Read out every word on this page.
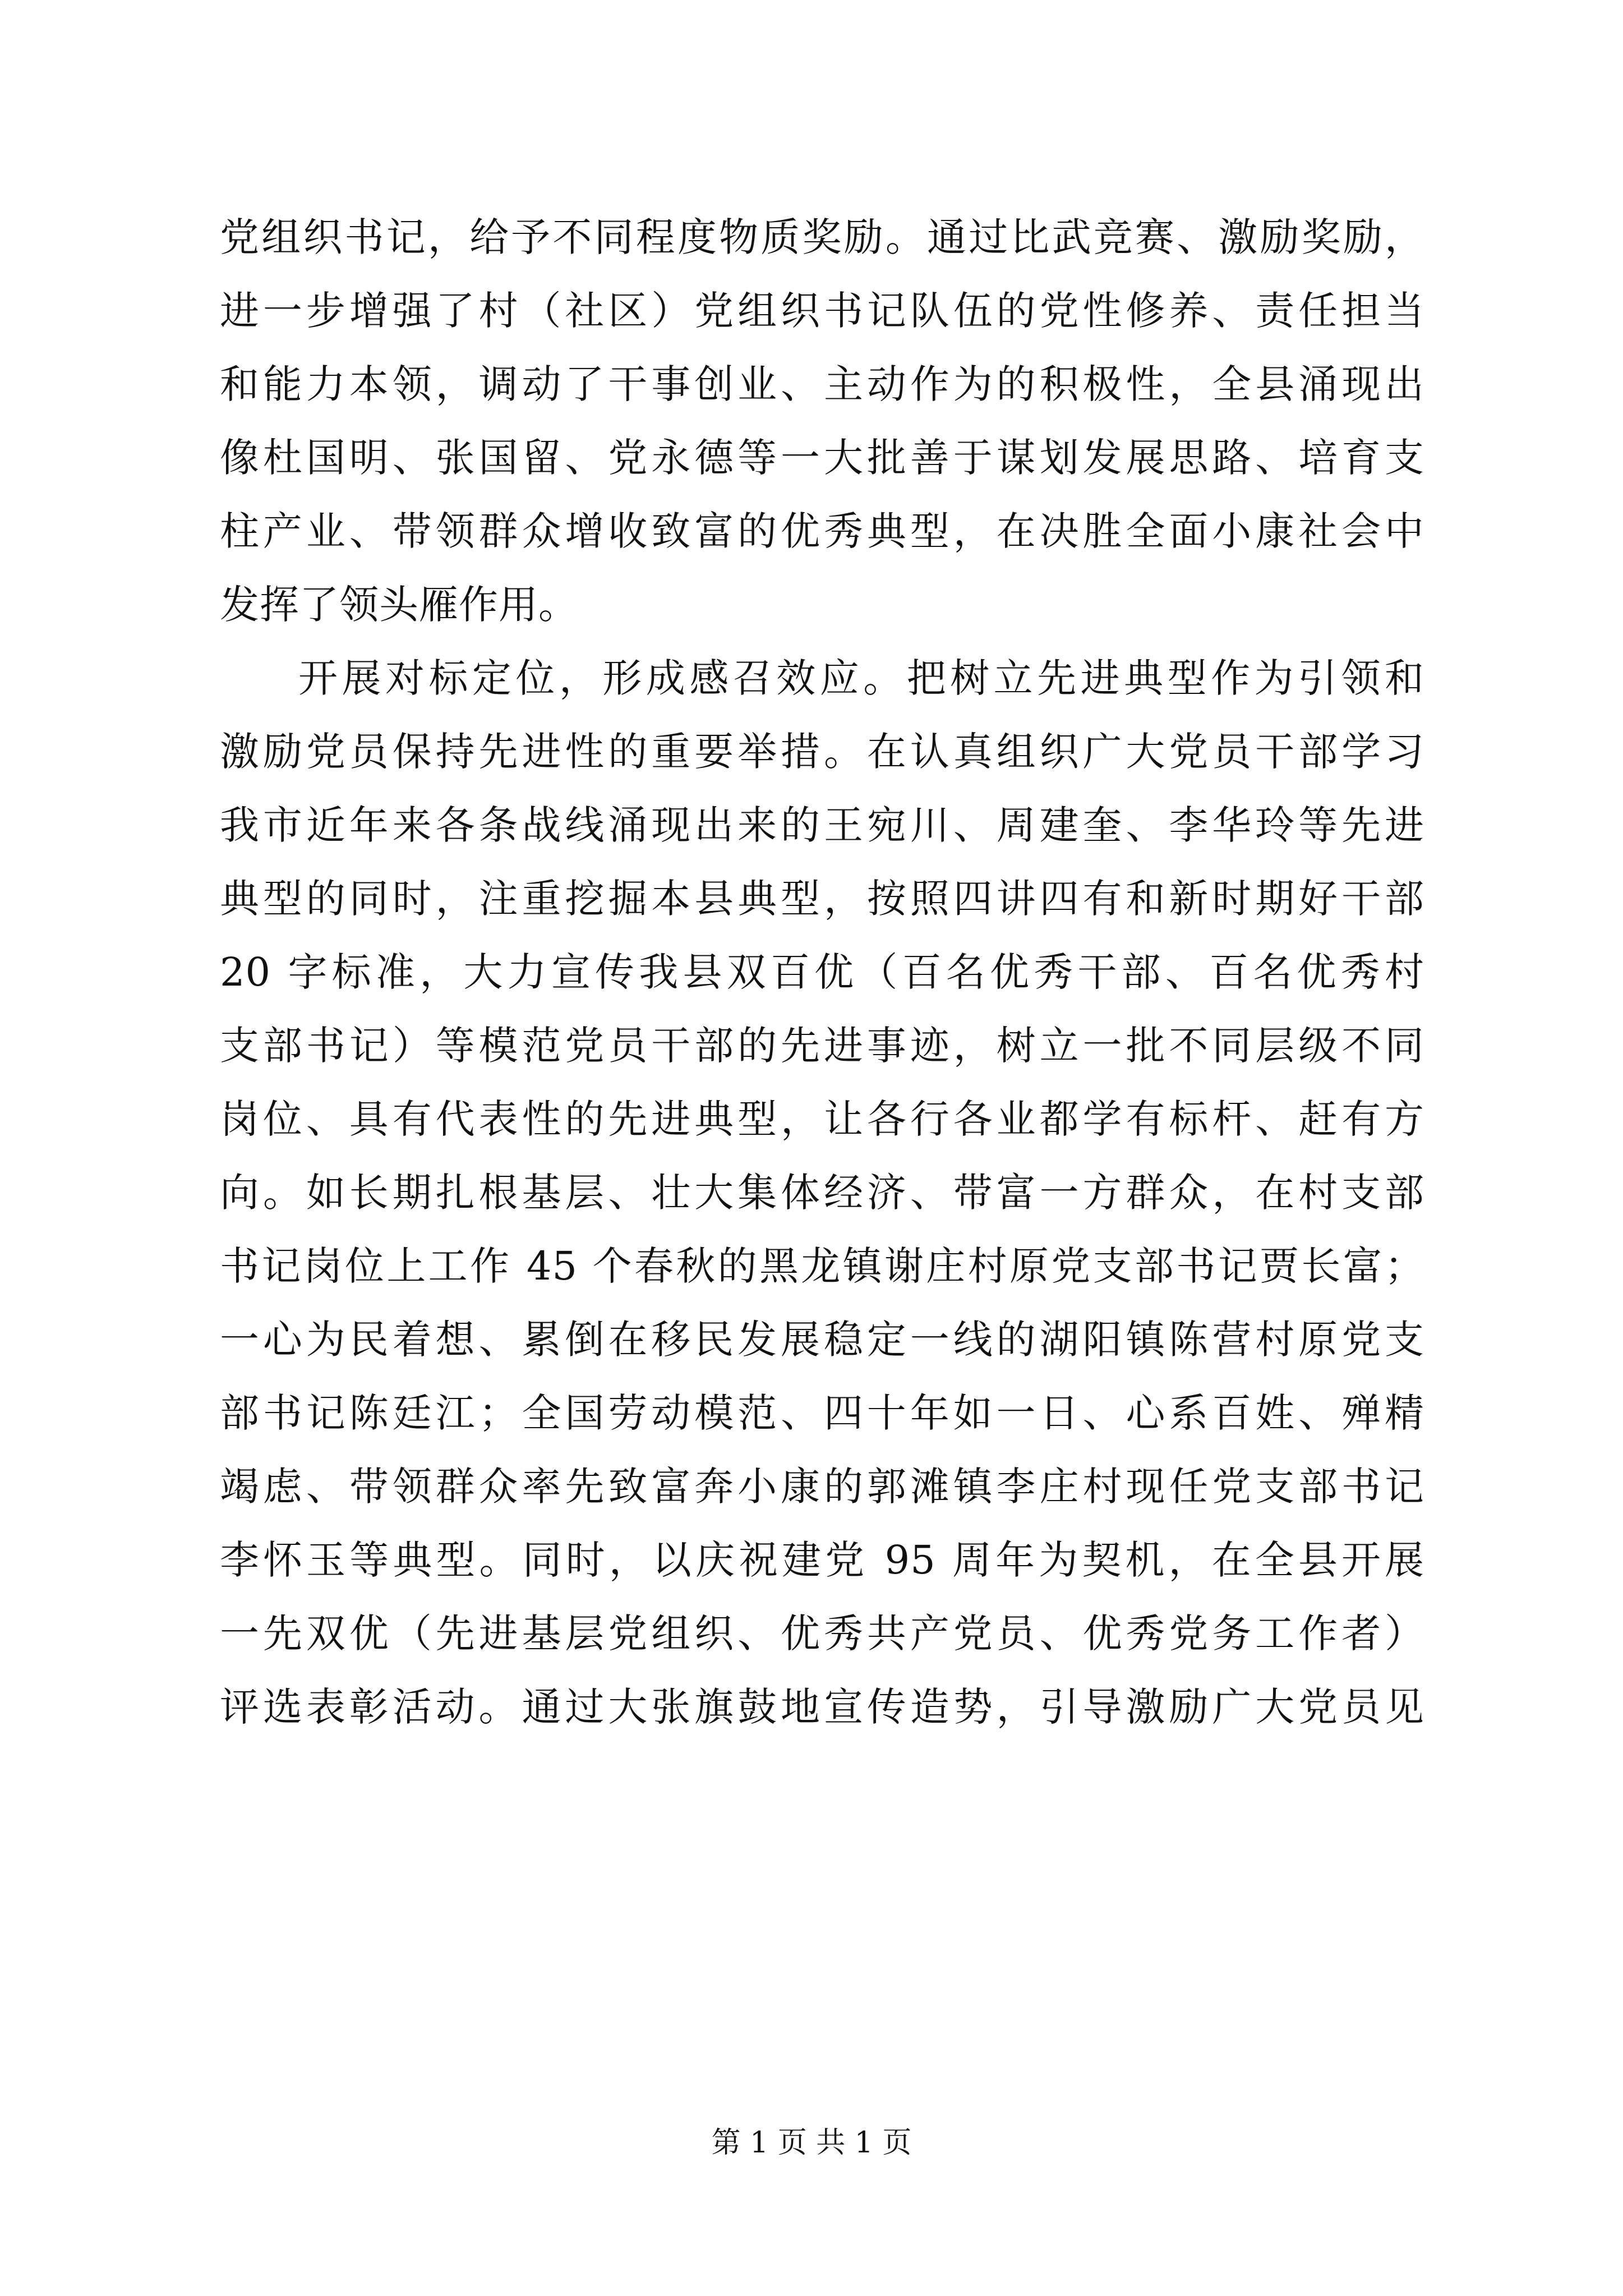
党组织书记，给予不同程度物质奖励。通过比武竞赛、激励奖励，
进一步增强了村（社区）党组织书记队伍的党性修养、责任担当
和能力本领，调动了干事创业、主动作为的积极性，全县涌现出
像杜国明、张国留、党永德等一大批善于谋划发展思路、培育支
柱产业、带领群众增收致富的优秀典型，在决胜全面小康社会中
发挥了领头雁作用。
开展对标定位，形成感召效应。把树立先进典型作为引领和
激励党员保持先进性的重要举措。在认真组织广大党员干部学习
我市近年来各条战线涌现出来的王宛川、周建奎、李华玲等先进
典型的同时，注重挖掘本县典型，按照四讲四有和新时期好干部
20 字标准，大力宣传我县双百优（百名优秀干部、百名优秀村
支部书记）等模范党员干部的先进事迹，树立一批不同层级不同
岗位、具有代表性的先进典型，让各行各业都学有标杆、赶有方
向。如长期扎根基层、壮大集体经济、带富一方群众，在村支部
书记岗位上工作 45 个春秋的黑龙镇谢庄村原党支部书记贾长富；
一心为民着想、累倒在移民发展稳定一线的湖阳镇陈营村原党支
部书记陈廷江；全国劳动模范、四十年如一日、心系百姓、殚精
竭虑、带领群众率先致富奔小康的郭滩镇李庄村现任党支部书记
李怀玉等典型。同时，以庆祝建党 95 周年为契机，在全县开展
一先双优（先进基层党组织、优秀共产党员、优秀党务工作者）
评选表彰活动。通过大张旗鼓地宣传造势，引导激励广大党员见
第 1 页 共 1 页
